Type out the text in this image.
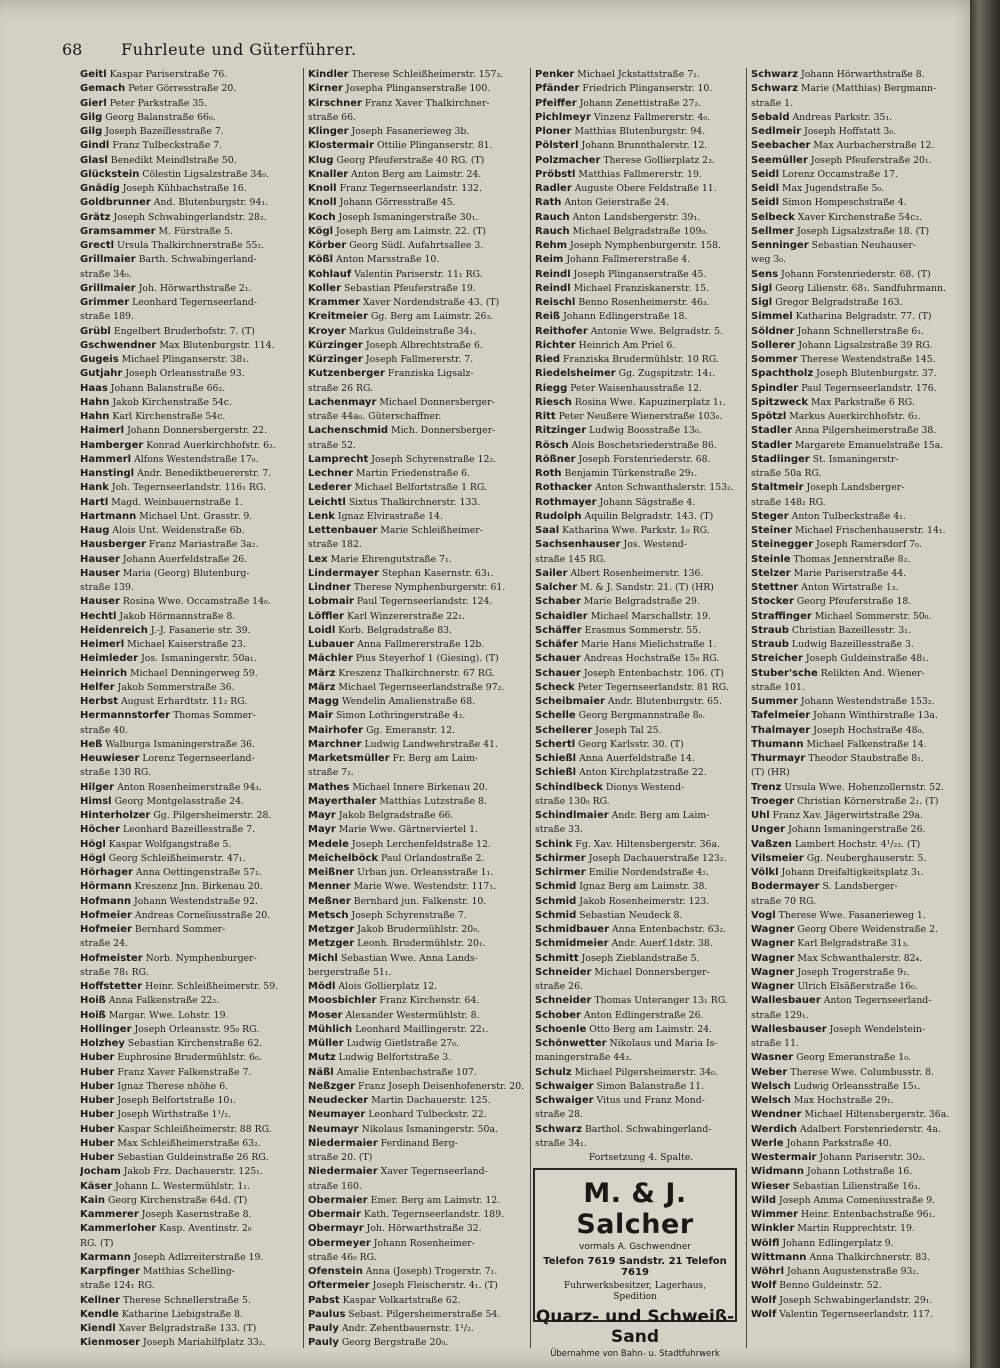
68 Fuhrleute und Güterführer.
Geitl Kaspar Pariserstraße 76.
Gemach Peter Görresstraße 20.
Gierl Peter Parkstraße 35.
Gilg Georg Balanstraße 66₀.
Gilg Joseph Bazeillesstraße 7.
Gindl Franz Tulbeckstraße 7.
Glasl Benedikt Meindlstraße 50.
Glückstein Cölestin Ligsalzstraße 34₀.
Gnädig Joseph Kühbachstraße 16.
Goldbrunner And. Blutenburgstr. 94₁.
Grätz Joseph Schwabingerlandstr. 28₂.
Gramsammer M. Fürstraße 5.
Grectl Ursula Thalkirchnerstraße 55₂.
Grillmaier Barth. Schwabingerland-
straße 34₀.
Grillmaier Joh. Hörwarthstraße 2₁.
Grimmer Leonhard Tegernseerland-
straße 189.
Grübl Engelbert Bruderhofstr. 7. (T)
Gschwendner Max Blutenburgstr. 114.
Gugeis Michael Plinganserstr. 38₁.
Gutjahr Joseph Orleansstraße 93.
Haas Johann Balanstraße 66₂.
Hahn Jakob Kirchenstraße 54c.
Hahn Karl Kirchenstraße 54c.
Haimerl Johann Donnersbergerstr. 22.
Hamberger Konrad Auerkirchhofstr. 6₂.
Hammerl Alfons Westendstraße 17₀.
Hanstingl Andr. Benediktbeuererstr. 7.
Hank Joh. Tegernseerlandstr. 116₁ RG.
Hartl Magd. Weinbauernstraße 1.
Hartmann Michael Unt. Grasstr. 9.
Haug Alois Unt. Weidenstraße 6b.
Hausberger Franz Mariastraße 3a₂.
Hauser Johann Auerfeldstraße 26.
Hauser Maria (Georg) Blutenburg-
straße 139.
Hauser Rosina Wwe. Occamstraße 14₀.
Hechtl Jakob Hörmannstraße 8.
Heidenreich J.-J. Fasanerie str. 39.
Heimerl Michael Kaiserstraße 23.
Heimleder Jos. Ismaningerstr. 50a₁.
Heinrich Michael Denningerweg 59.
Helfer Jakob Sommerstraße 36.
Herbst August Erhardtstr. 11₂ RG.
Hermannstorfer Thomas Sommer-
straße 40.
Heß Walburga Ismaningerstraße 36.
Heuwieser Lorenz Tegernseerland-
straße 130 RG.
Hilger Anton Rosenheimerstraße 94₃.
Himsl Georg Montgelasstraße 24.
Hinterholzer Gg. Pilgersheimerstr. 28.
Höcher Leonhard Bazeillesstraße 7.
Högl Kaspar Wolfgangstraße 5.
Högl Georg Schleißheimerstr. 47₁.
Hörhager Anna Oettingenstraße 57₁.
Hörmann Kreszenz Jnn. Birkenau 20.
Hofmann Johann Westendstraße 92.
Hofmeier Andreas Corneliusstraße 20.
Hofmeier Bernhard Sommer-
straße 24.
Hofmeister Norb. Nymphenburger-
straße 78₁ RG.
Hoffstetter Heinr. Schleißheimerstr. 59.
Hoiß Anna Falkenstraße 22₂.
Hoiß Margar. Wwe. Lohstr. 19.
Hollinger Joseph Orleansstr. 95₀ RG.
Holzhey Sebastian Kirchenstraße 62.
Huber Euphrosine Brudermühlstr. 6₀.
Huber Franz Xaver Falkenstraße 7.
Huber Ignaz Therese nhöhe 6.
Huber Joseph Belfortstraße 10₁.
Huber Joseph Wirthstraße 1¹/₂.
Huber Kaspar Schleißheimerstr. 88 RG.
Huber Max Schleißheimerstraße 63₂.
Huber Sebastian Guldeinstraße 26 RG.
Jocham Jakob Frz. Dachauerstr. 125₁.
Käser Johann L. Westermühlstr. 1₁.
Kain Georg Kirchenstraße 64d. (T)
Kammerer Joseph Kasernstraße 8.
Kammerloher Kasp. Aventinstr. 2₀
RG. (T)
Karmann Joseph Adlzreiterstraße 19.
Karpfinger Matthias Schelling-
straße 124₁ RG.
Kellner Therese Schnellerstraße 5.
Kendle Katharine Liebigstraße 8.
Kiendl Xaver Belgradstraße 133. (T)
Kienmoser Joseph Mariahilfplatz 33₂.
Kindler Therese Schleißheimerstr. 157₃.
Kirner Josepha Plinganserstraße 100.
Kirschner Franz Xaver Thalkirchner-
straße 66.
Klinger Joseph Fasanerieweg 3b.
Klostermair Ottilie Plinganserstr. 81.
Klug Georg Pfeuferstraße 40 RG. (T)
Knaller Anton Berg am Laimstr. 24.
Knoll Franz Tegernseerlandstr. 132.
Knoll Johann Görresstraße 45.
Koch Joseph Ismaningerstraße 30₁.
Kögl Joseph Berg am Laimstr. 22. (T)
Körber Georg Südl. Aufahrtsallee 3.
Kößl Anton Marsstraße 10.
Kohlauf Valentin Pariserstr. 11₁ RG.
Koller Sebastian Pfeuferstraße 19.
Krammer Xaver Nordendstraße 43. (T)
Kreitmeier Gg. Berg am Laimstr. 26₃.
Kroyer Markus Guldeinstraße 34₁.
Kürzinger Joseph Albrechtstraße 6.
Kürzinger Joseph Fallmererstr. 7.
Kutzenberger Franziska Ligsalz-
straße 26 RG.
Lachenmayr Michael Donnersberger-
straße 44a₀. Güterschaffner.
Lachenschmid Mich. Donnersberger-
straße 52.
Lamprecht Joseph Schyrenstraße 12₂.
Lechner Martin Friedenstraße 6.
Lederer Michael Belfortstraße 1 RG.
Leichtl Sixtus Thalkirchnerstr. 133.
Lenk Ignaz Elvirastraße 14.
Lettenbauer Marie Schleißheimer-
straße 182.
Lex Marie Ehrengutstraße 7₁.
Lindermayer Stephan Kasernstr. 63₁.
Lindner Therese Nymphenburgerstr. 61.
Lobmair Paul Tegernseerlandstr. 124.
Löffler Karl Winzererstraße 22₂.
Loidl Korb. Belgradstraße 83.
Lubauer Anna Fallmererstraße 12b.
Mächler Pius Steyerhof 1 (Giesing). (T)
März Kreszenz Thalkirchnerstr. 67 RG.
März Michael Tegernseerlandstraße 97₂.
Magg Wendelin Amalienstraße 68.
Mair Simon Lothringerstraße 4₂.
Mairhofer Gg. Emeranstr. 12.
Marchner Ludwig Landwehrstraße 41.
Marketsmüller Fr. Berg am Laim-
straße 7₂.
Mathes Michael Innere Birkenau 20.
Mayerthaler Matthias Lutzstraße 8.
Mayr Jakob Belgradstraße 66.
Mayr Marie Wwe. Gärtnerviertel 1.
Medele Joseph Lerchenfeldstraße 12.
Meichelböck Paul Orlandostraße 2.
Meißner Urban jun. Orleansstraße 1₁.
Menner Marie Wwe. Westendstr. 117₁.
Meßner Bernhard jun. Falkenstr. 10.
Metsch Joseph Schyrenstraße 7.
Metzger Jakob Brudermühlstr. 20₀.
Metzger Leonh. Brudermühlstr. 20₁.
Michl Sebastian Wwe. Anna Lands-
bergerstraße 51₁.
Mödl Alois Gollierplatz 12.
Moosbichler Franz Kirchenstr. 64.
Moser Alexander Westermühlstr. 8.
Mühlich Leonhard Maillingerstr. 22₁.
Müller Ludwig Gietlstraße 27₀.
Mutz Ludwig Belfortstraße 3.
Näßl Amalie Entenbachstraße 107.
Neßzger Franz Joseph Deisenhofenerstr. 20.
Neudecker Martin Dachauerstr. 125.
Neumayer Leonhard Tulbeckstr. 22.
Neumayr Nikolaus Ismaningerstr. 50a.
Niedermaier Ferdinand Berg-
straße 20. (T)
Niedermaier Xaver Tegernseerland-
straße 160.
Obermaier Emer. Berg am Laimstr. 12.
Obermair Kath. Tegernseerlandstr. 189.
Obermayr Joh. Hörwarthstraße 32.
Obermeyer Johann Rosenheimer-
straße 46₀ RG.
Ofenstein Anna (Joseph) Trogerstr. 7₁.
Oftermeier Joseph Fleischerstr. 4₁. (T)
Pabst Kaspar Volkartstraße 62.
Paulus Sebast. Pilgersheimerstraße 54.
Pauly Andr. Zehentbauernstr. 1¹/₂.
Pauly Georg Bergstraße 20₀.
Penker Michael Jckstattstraße 7₁.
Pfänder Friedrich Plinganserstr. 10.
Pfeiffer Johann Zenettistraße 27₂.
Pichlmeyr Vinzenz Fallmererstr. 4₀.
Ploner Matthias Blutenburgstr. 94.
Pölsterl Johann Brunnthalerstr. 12.
Polzmacher Therese Gollierplatz 2₃.
Pröbstl Matthias Fallmererstr. 19.
Radler Auguste Obere Feldstraße 11.
Rath Anton Geierstraße 24.
Rauch Anton Landsbergerstr. 39₁.
Rauch Michael Belgradstraße 109₀.
Rehm Joseph Nymphenburgerstr. 158.
Reim Johann Fallmererstraße 4.
Reindl Joseph Plinganserstraße 45.
Reindl Michael Franziskanerstr. 15.
Reischl Benno Rosenheimerstr. 46₃.
Reiß Johann Edlingerstraße 18.
Reithofer Antonie Wwe. Belgradstr. 5.
Richter Heinrich Am Priel 6.
Ried Franziska Brudermühlstr. 10 RG.
Riedelsheimer Gg. Zugspitzstr. 14₁.
Riegg Peter Waisenhausstraße 12.
Riesch Rosina Wwe. Kapuzinerplatz 1₁.
Ritt Peter Neußere Wienerstraße 103₀.
Ritzinger Ludwig Boosstraße 13₀.
Rösch Alois Boschetsriederstraße 86.
Rößner Joseph Forstenriederstr. 68.
Roth Benjamin Türkenstraße 29₁.
Rothacker Anton Schwanthalerstr. 153₂.
Rothmayer Johann Sägstraße 4.
Rudolph Aquilin Belgradstr. 143. (T)
Saal Katharina Wwe. Parkstr. 1₀ RG.
Sachsenhauser Jos. Westend-
straße 145 RG.
Sailer Albert Rosenheimerstr. 136.
Salcher M. & J. Sandstr. 21. (T) (HR)
Schaber Marie Belgradstraße 29.
Schaidler Michael Marschallstr. 19.
Schäffer Erasmus Sommerstr. 55.
Schäfer Marie Hans Mielichstraße 1.
Schauer Andreas Hochstraße 15₀ RG.
Schauer Joseph Entenbachstr. 106. (T)
Scheck Peter Tegernseerlandstr. 81 RG.
Scheibmaier Andr. Blutenburgstr. 65.
Schelle Georg Bergmannstraße 8₀.
Schellerer Joseph Tal 25.
Schertl Georg Karlsstr. 30. (T)
Schießl Anna Auerfeldstraße 14.
Schießl Anton Kirchplatzstraße 22.
Schindlbeck Dionys Westend-
straße 130₀ RG.
Schindlmaier Andr. Berg am Laim-
straße 33.
Schink Fg. Xav. Hiltensbergerstr. 36a.
Schirmer Joseph Dachauerstraße 123₂.
Schirmer Emilie Nordendstraße 4₂.
Schmid Ignaz Berg am Laimstr. 38.
Schmid Jakob Rosenheimerstr. 123.
Schmid Sebastian Neudeck 8.
Schmidbauer Anna Entenbachstr. 63₂.
Schmidmeier Andr. Auerf.1dstr. 38.
Schmitt Joseph Zieblandstraße 5.
Schneider Michael Donnersberger-
straße 26.
Schneider Thomas Unteranger 13₁ RG.
Schober Anton Edlingerstraße 26.
Schoenle Otto Berg am Laimstr. 24.
Schönwetter Nikolaus und Maria Is-
maningerstraße 44₃.
Schulz Michael Pilgersheimerstr. 34₀.
Schwaiger Simon Balanstraße 11.
Schwaiger Vitus und Franz Mond-
straße 28.
Schwarz Barthol. Schwabingerland-
straße 34₁.
Fortsetzung 4. Spalte.
Schwarz Johann Hörwarthstraße 8.
Schwarz Marie (Matthias) Bergmann-
straße 1.
Sebald Andreas Parkstr. 35₁.
Sedlmeir Joseph Hoffstatt 3₀.
Seebacher Max Aurbacherstraße 12.
Seemüller Joseph Pfeuferstraße 20₁.
Seidl Lorenz Occamstraße 17.
Seidl Max Jugendstraße 5₀.
Seidl Simon Hompeschstraße 4.
Selbeck Xaver Kirchenstraße 54c₂.
Sellmer Joseph Ligsalzstraße 18. (T)
Senninger Sebastian Neuhauser-
weg 3₀.
Sens Johann Forstenriederstr. 68. (T)
Sigl Georg Lilienstr. 68₁. Sandfuhrmann.
Sigl Gregor Belgradstraße 163.
Simmel Katharina Belgradstr. 77. (T)
Söldner Johann Schnellerstraße 6₁.
Sollerer Johann Ligsalzstraße 39 RG.
Sommer Therese Westendstraße 145.
Spachtholz Joseph Blutenburgstr. 37.
Spindler Paul Tegernseerlandstr. 176.
Spitzweck Max Parkstraße 6 RG.
Spötzl Markus Auerkirchhofstr. 6₂.
Stadler Anna Pilgersheimerstraße 38.
Stadler Margarete Emanuelstraße 15a.
Stadlinger St. Ismaningerstr-
straße 50a RG.
Staltmeir Joseph Landsberger-
straße 148₂ RG.
Steger Anton Tulbeckstraße 4₁.
Steiner Michael Frischenhauserstr. 14₁.
Steinegger Joseph Ramersdorf 7₀.
Steinle Thomas Jennerstraße 8₂.
Stelzer Marie Pariserstraße 44.
Stettner Anton Wirtstraße 1₃.
Stocker Georg Pfeuferstraße 18.
Straffinger Michael Sommerstr. 50₀.
Straub Christian Bazeillesstr. 3₁.
Straub Ludwig Bazeillesstraße 3.
Streicher Joseph Guldeinstraße 48₁.
Stuber'sche Relikten And. Wiener-
straße 101.
Summer Johann Westendstraße 153₂.
Tafelmeier Johann Winthirstraße 13a.
Thalmayer Joseph Hochstraße 48₀.
Thumann Michael Falkenstraße 14.
Thurmayr Theodor Staubstraße 8₁.
(T) (HR)
Trenz Ursula Wwe. Hohenzollernstr. 52.
Troeger Christian Körnerstraße 2₁. (T)
Uhl Franz Xav. Jägerwirtstraße 29a.
Unger Johann Ismaningerstraße 26.
Vaßzen Lambert Hochstr. 4¹/₂₃. (T)
Vilsmeier Gg. Neuberghauserstr. 5.
Völkl Johann Dreifaltigkeitsplatz 3₁.
Bodermayer S. Landsberger-
straße 70 RG.
Vogl Therese Wwe. Fasanerieweg 1.
Wagner Georg Obere Weidenstraße 2.
Wagner Karl Belgradstraße 31₃.
Wagner Max Schwanthalerstr. 82₄.
Wagner Joseph Trogerstraße 9₁.
Wagner Ulrich Elsäßerstraße 16₀.
Wallesbauer Anton Tegernseerland-
straße 129₁.
Wallesbauser Joseph Wendelstein-
straße 11.
Wasner Georg Emeranstraße 1₀.
Weber Therese Wwe. Columbusstr. 8.
Welsch Ludwig Orleansstraße 15₁.
Welsch Max Hochstraße 29₁.
Wendner Michael Hiltensbergerstr. 36a.
Werdich Adalbert Forstenriederstr. 4a.
Werle Johann Parkstraße 40.
Westermair Johann Pariserstr. 30₂.
Widmann Johann Lothstraße 16.
Wieser Sebastian Lilienstraße 16₃.
Wild Joseph Amma Comeniusstraße 9.
Wimmer Heinr. Entenbachstraße 96₁.
Winkler Martin Rupprechtstr. 19.
Wölfl Johann Edlingerplatz 9.
Wittmann Anna Thalkirchnerstr. 83.
Wöhrl Johann Augustenstraße 93₂.
Wolf Benno Guldeinstr. 52.
Wolf Joseph Schwabingerlandstr. 29₁.
Wolf Valentin Tegernseerlandstr. 117.
M. & J. Salcher
vormals A. Gschwendner
Telefon 7619 Sandstr. 21 Telefon 7619
Fuhrwerksbesitzer, Lagerhaus,
Spedition
Quarz- und Schweiß-Sand
Übernahme von Bahn- u. Stadtfuhrwerk
